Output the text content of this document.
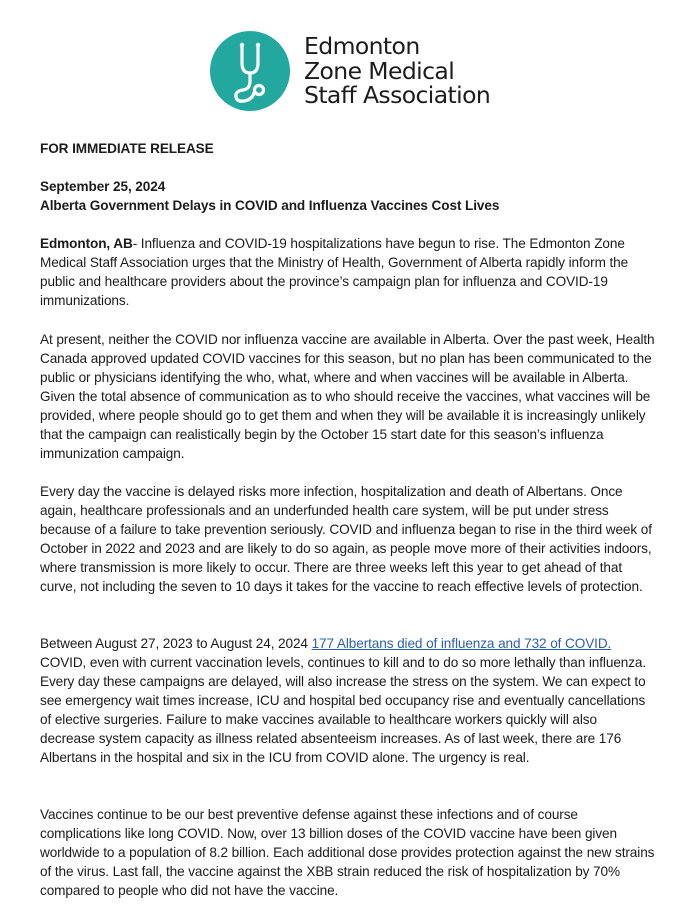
Edmonton
Zone Medical
Staff Association
FOR IMMEDIATE RELEASE
September 25, 2024
Alberta Government Delays in COVID and Influenza Vaccines Cost Lives
Edmonton, AB- Influenza and COVID-19 hospitalizations have begun to rise. The Edmonton Zone Medical Staff Association urges that the Ministry of Health, Government of Alberta rapidly inform the public and healthcare providers about the province’s campaign plan for influenza and COVID-19 immunizations.
At present, neither the COVID nor influenza vaccine are available in Alberta. Over the past week, Health Canada approved updated COVID vaccines for this season, but no plan has been communicated to the public or physicians identifying the who, what, where and when vaccines will be available in Alberta. Given the total absence of communication as to who should receive the vaccines, what vaccines will be provided, where people should go to get them and when they will be available it is increasingly unlikely that the campaign can realistically begin by the October 15 start date for this season’s influenza immunization campaign.
Every day the vaccine is delayed risks more infection, hospitalization and death of Albertans. Once again, healthcare professionals and an underfunded health care system, will be put under stress because of a failure to take prevention seriously. COVID and influenza began to rise in the third week of October in 2022 and 2023 and are likely to do so again, as people move more of their activities indoors, where transmission is more likely to occur. There are three weeks left this year to get ahead of that curve, not including the seven to 10 days it takes for the vaccine to reach effective levels of protection.
Between August 27, 2023 to August 24, 2024 177 Albertans died of influenza and 732 of COVID. COVID, even with current vaccination levels, continues to kill and to do so more lethally than influenza. Every day these campaigns are delayed, will also increase the stress on the system. We can expect to see emergency wait times increase, ICU and hospital bed occupancy rise and eventually cancellations of elective surgeries. Failure to make vaccines available to healthcare workers quickly will also decrease system capacity as illness related absenteeism increases. As of last week, there are 176 Albertans in the hospital and six in the ICU from COVID alone. The urgency is real.
Vaccines continue to be our best preventive defense against these infections and of course complications like long COVID. Now, over 13 billion doses of the COVID vaccine have been given worldwide to a population of 8.2 billion. Each additional dose provides protection against the new strains of the virus. Last fall, the vaccine against the XBB strain reduced the risk of hospitalization by 70% compared to people who did not have the vaccine.
